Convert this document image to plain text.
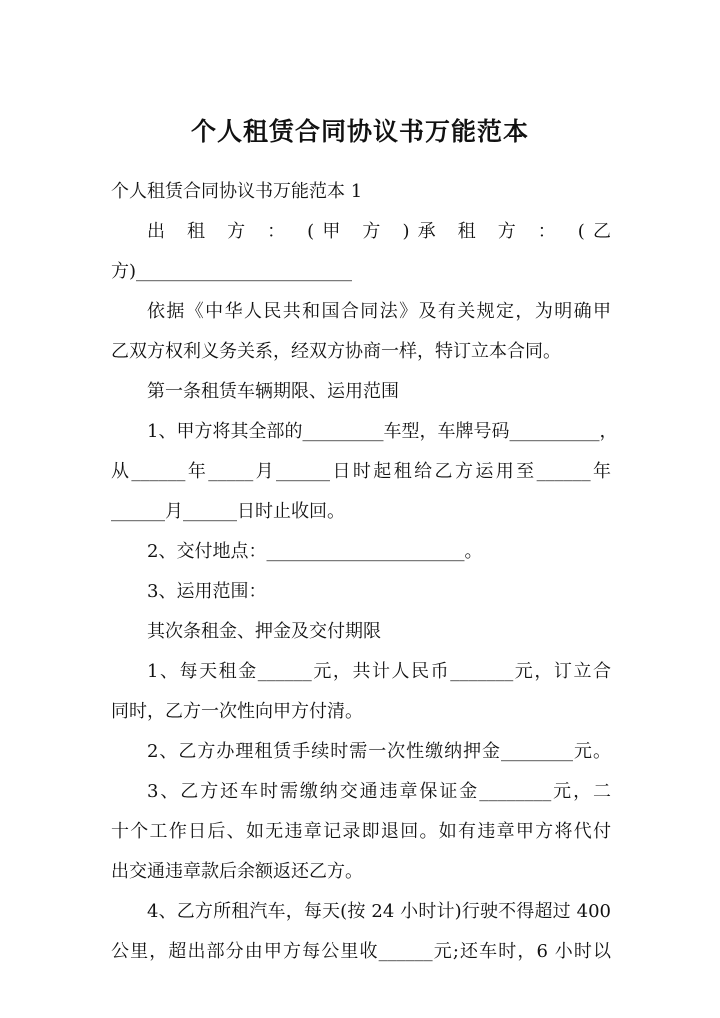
个人租赁合同协议书万能范本
个人租赁合同协议书万能范本 1
出 租 方 ： (甲 方 )承 租 方 ： (乙
方)________________________
依据《中华人民共和国合同法》及有关规定，为明确甲
乙双方权利义务关系，经双方协商一样，特订立本合同。
第一条租赁车辆期限、运用范围
1、甲方将其全部的_________车型，车牌号码__________，
从______年_____月______日时起租给乙方运用至______年
______月______日时止收回。
2、交付地点：______________________。
3、运用范围：
其次条租金、押金及交付期限
1、每天租金______元，共计人民币_______元，订立合
同时，乙方一次性向甲方付清。
2、乙方办理租赁手续时需一次性缴纳押金________元。
3、乙方还车时需缴纳交通违章保证金________元，二
十个工作日后、如无违章记录即退回。如有违章甲方将代付
出交通违章款后余额返还乙方。
4、乙方所租汽车，每天(按 24 小时计)行驶不得超过 400
公里，超出部分由甲方每公里收______元;还车时，6 小时以
